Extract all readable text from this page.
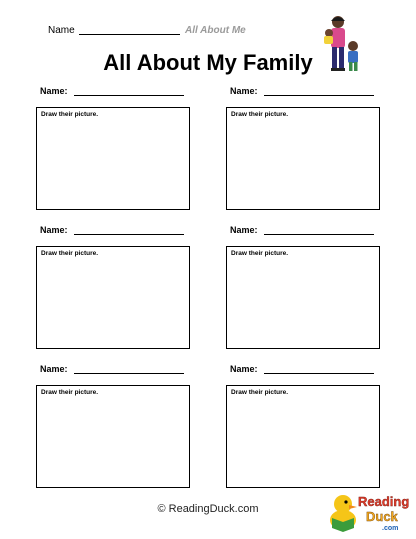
Name	All About Me
All About My Family
Name:
Draw their picture.
Name:
Draw their picture.
Name:
Draw their picture.
Name:
Draw their picture.
Name:
Draw their picture.
Name:
Draw their picture.
© ReadingDuck.com	Reading
Duck
.com
